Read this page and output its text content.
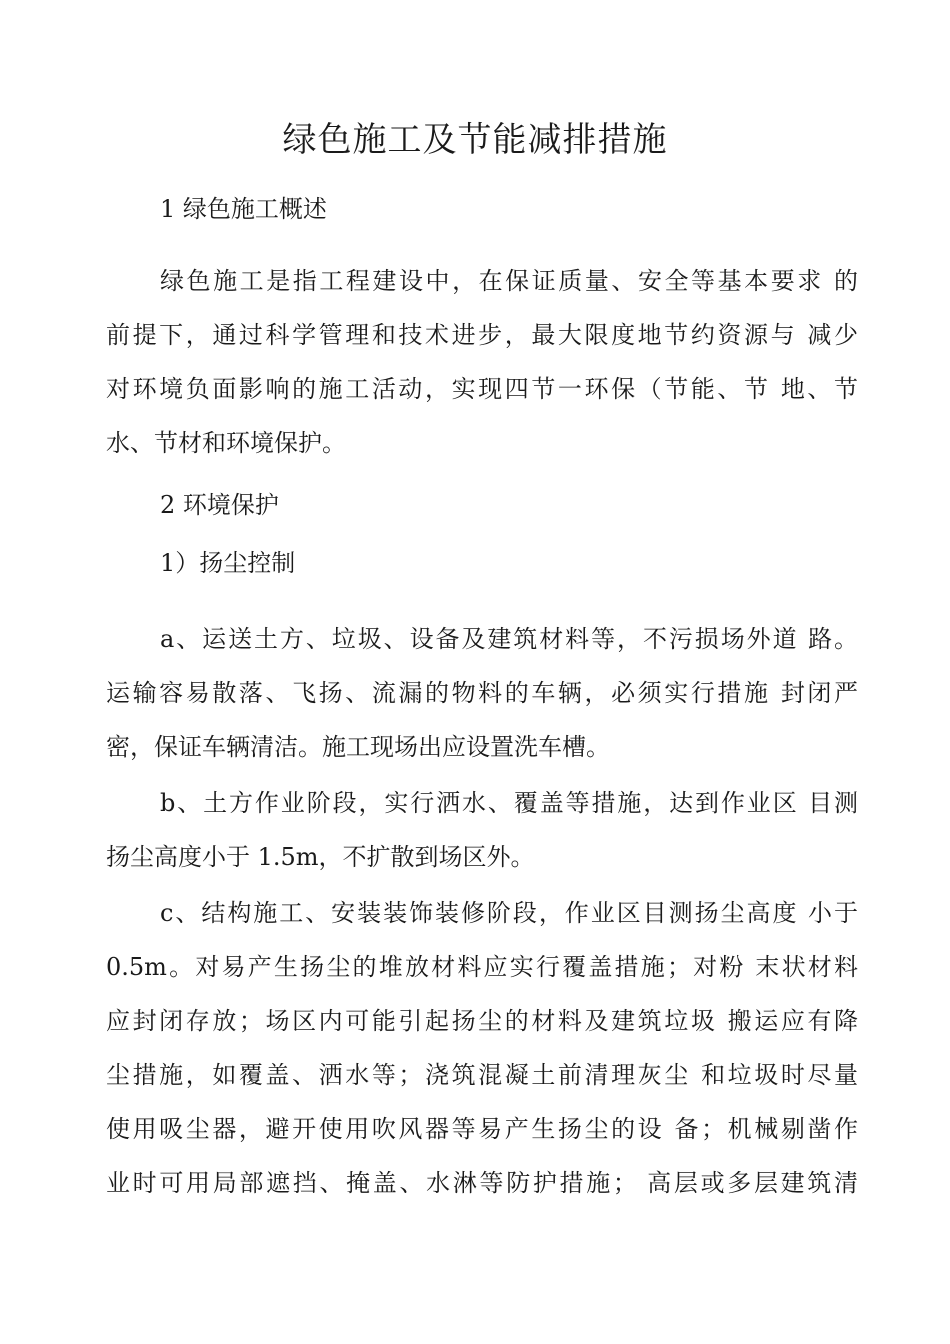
绿色施工及节能减排措施

1 绿色施工概述

绿色施工是指工程建设中，在保证质量、安全等基本要求 的
前提下，通过科学管理和技术进步，最大限度地节约资源与 减少
对环境负面影响的施工活动，实现四节一环保（节能、节 地、节
水、节材和环境保护。

2 环境保护

1）扬尘控制

a、运送土方、垃圾、设备及建筑材料等，不污损场外道 路。
运输容易散落、飞扬、流漏的物料的车辆，必须实行措施 封闭严
密，保证车辆清洁。施工现场出应设置洗车槽。
b、土方作业阶段，实行洒水、覆盖等措施，达到作业区 目测
扬尘高度小于 1.5m，不扩散到场区外。
c、结构施工、安装装饰装修阶段，作业区目测扬尘高度 小于
0.5m。对易产生扬尘的堆放材料应实行覆盖措施；对粉 末状材料
应封闭存放；场区内可能引起扬尘的材料及建筑垃圾 搬运应有降
尘措施，如覆盖、洒水等；浇筑混凝土前清理灰尘 和垃圾时尽量
使用吸尘器，避开使用吹风器等易产生扬尘的设 备；机械剔凿作
业时可用局部遮挡、掩盖、水淋等防护措施； 高层或多层建筑清
